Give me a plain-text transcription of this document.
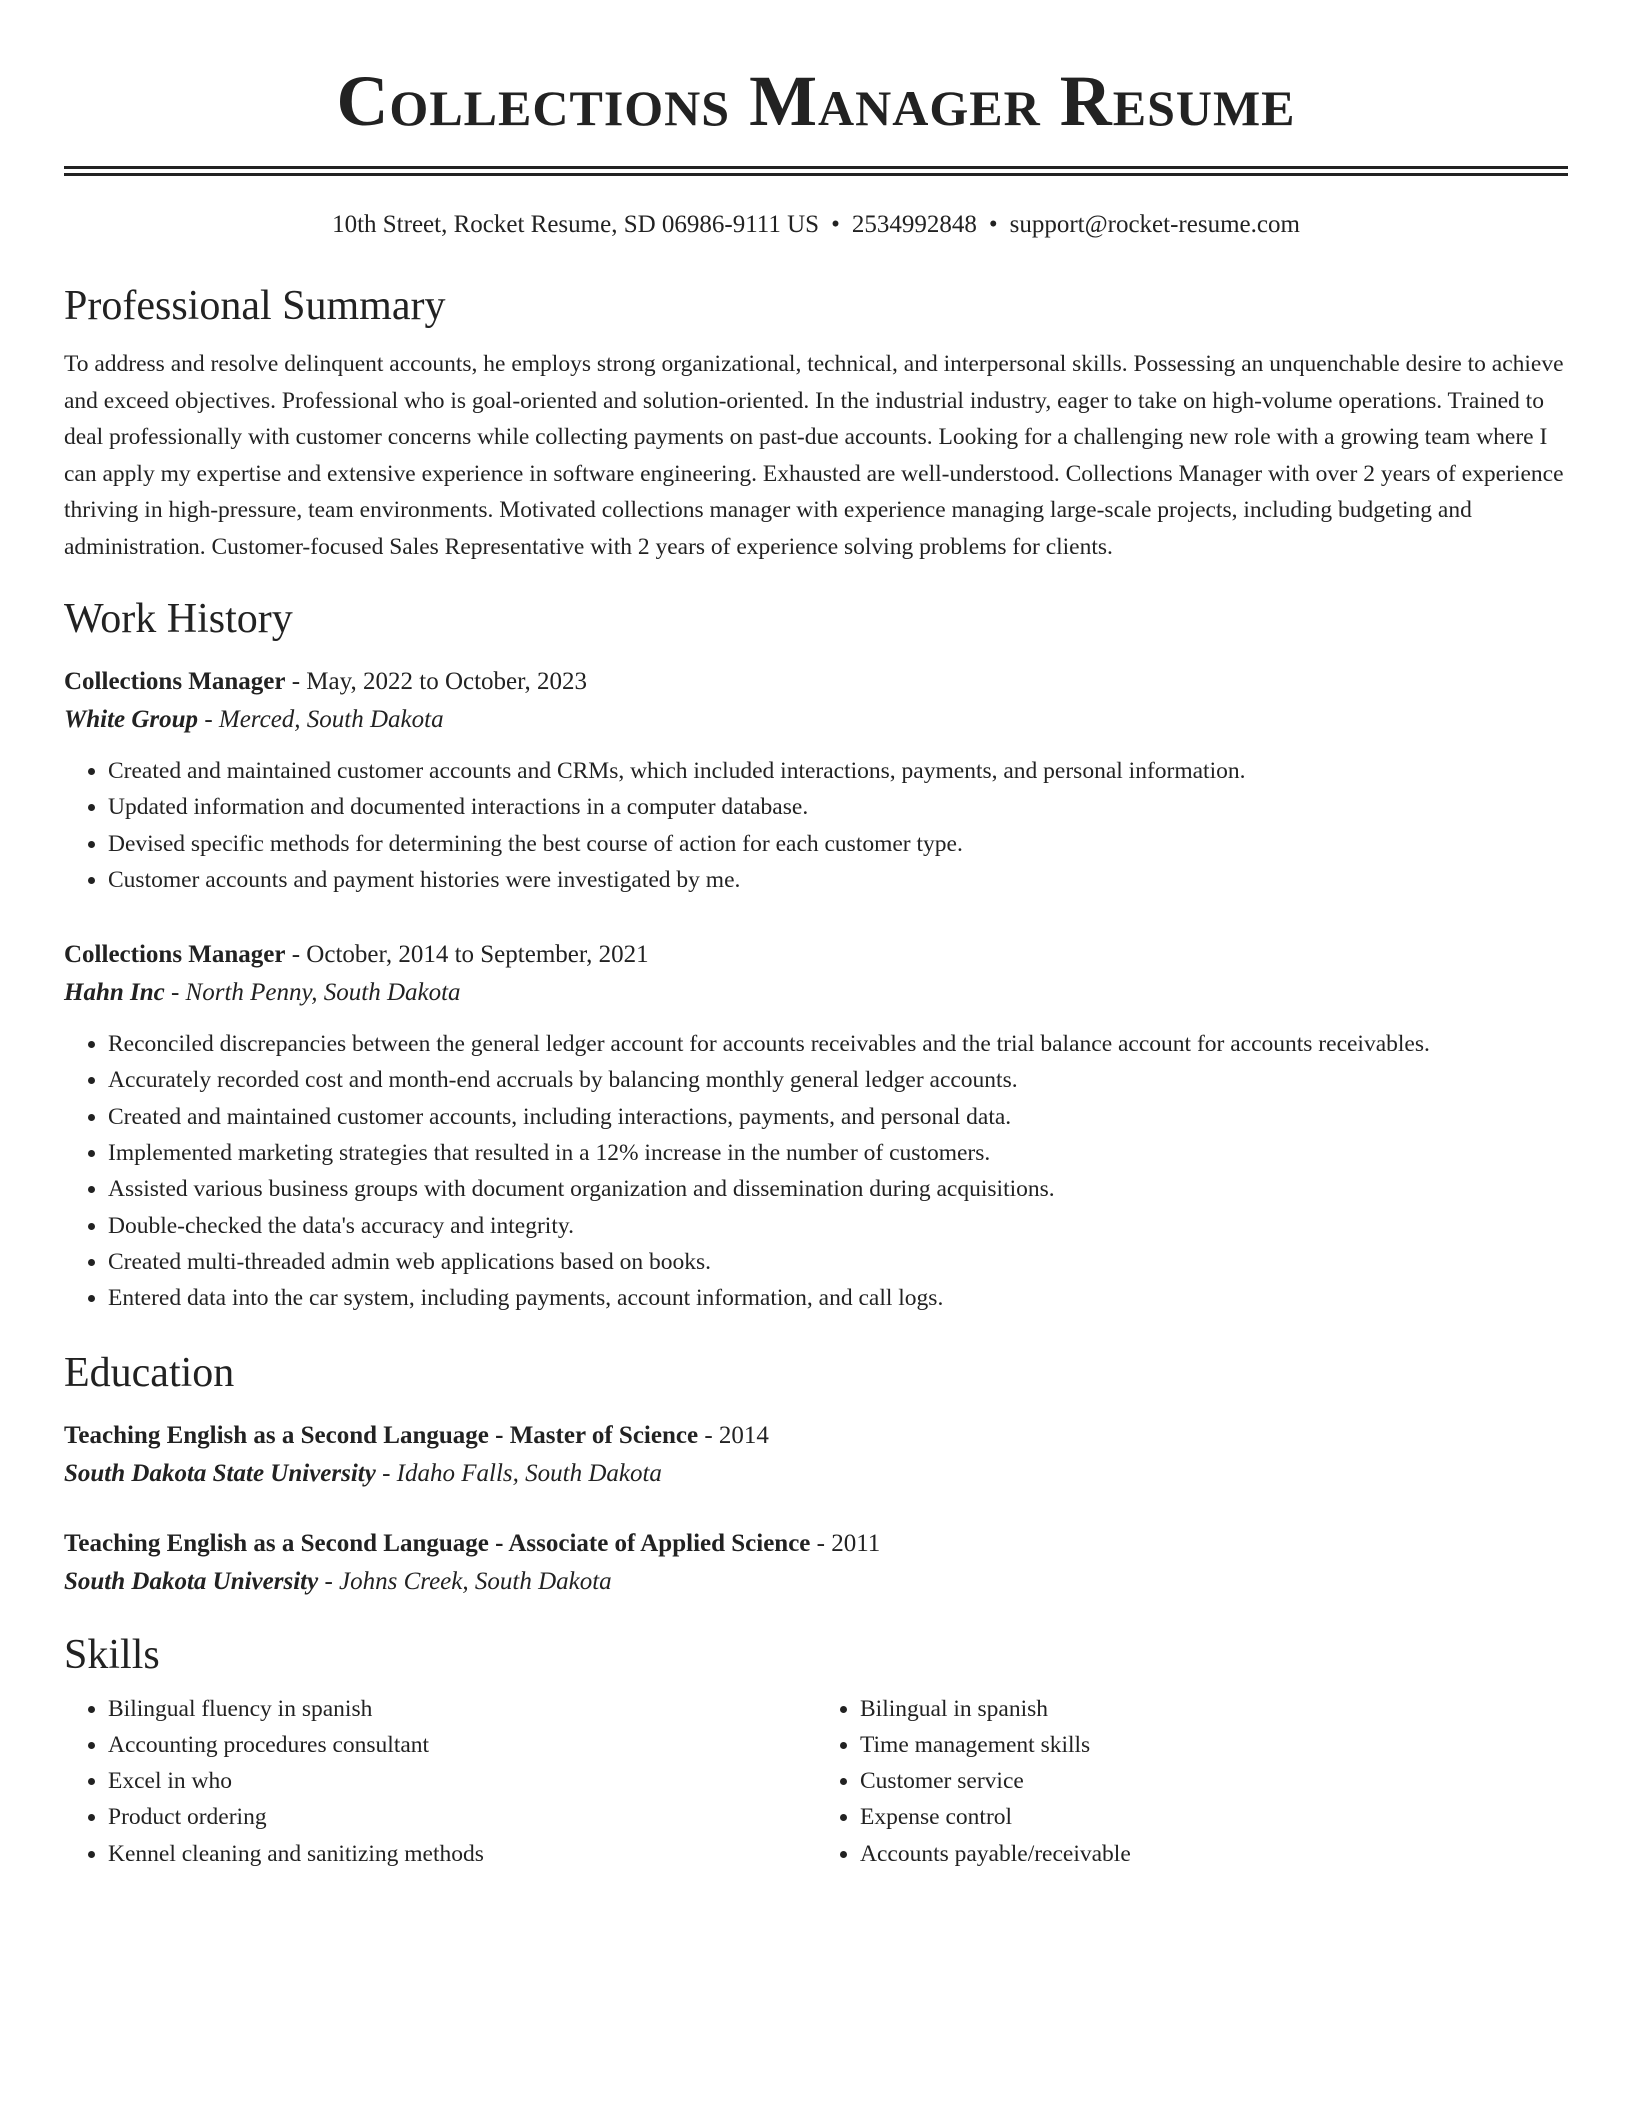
Collections Manager Resume
10th Street, Rocket Resume, SD 06986-9111 US • 2534992848 • support@rocket-resume.com
Professional Summary
To address and resolve delinquent accounts, he employs strong organizational, technical, and interpersonal skills. Possessing an unquenchable desire to achieve and exceed objectives. Professional who is goal-oriented and solution-oriented. In the industrial industry, eager to take on high-volume operations. Trained to deal professionally with customer concerns while collecting payments on past-due accounts. Looking for a challenging new role with a growing team where I can apply my expertise and extensive experience in software engineering. Exhausted are well-understood. Collections Manager with over 2 years of experience thriving in high-pressure, team environments. Motivated collections manager with experience managing large-scale projects, including budgeting and administration. Customer-focused Sales Representative with 2 years of experience solving problems for clients.
Work History
Collections Manager - May, 2022 to October, 2023
White Group - Merced, South Dakota
• Created and maintained customer accounts and CRMs, which included interactions, payments, and personal information.
• Updated information and documented interactions in a computer database.
• Devised specific methods for determining the best course of action for each customer type.
• Customer accounts and payment histories were investigated by me.
Collections Manager - October, 2014 to September, 2021
Hahn Inc - North Penny, South Dakota
• Reconciled discrepancies between the general ledger account for accounts receivables and the trial balance account for accounts receivables.
• Accurately recorded cost and month-end accruals by balancing monthly general ledger accounts.
• Created and maintained customer accounts, including interactions, payments, and personal data.
• Implemented marketing strategies that resulted in a 12% increase in the number of customers.
• Assisted various business groups with document organization and dissemination during acquisitions.
• Double-checked the data's accuracy and integrity.
• Created multi-threaded admin web applications based on books.
• Entered data into the car system, including payments, account information, and call logs.
Education
Teaching English as a Second Language - Master of Science - 2014
South Dakota State University - Idaho Falls, South Dakota
Teaching English as a Second Language - Associate of Applied Science - 2011
South Dakota University - Johns Creek, South Dakota
Skills
• Bilingual fluency in spanish
• Accounting procedures consultant
• Excel in who
• Product ordering
• Kennel cleaning and sanitizing methods
• Bilingual in spanish
• Time management skills
• Customer service
• Expense control
• Accounts payable/receivable
